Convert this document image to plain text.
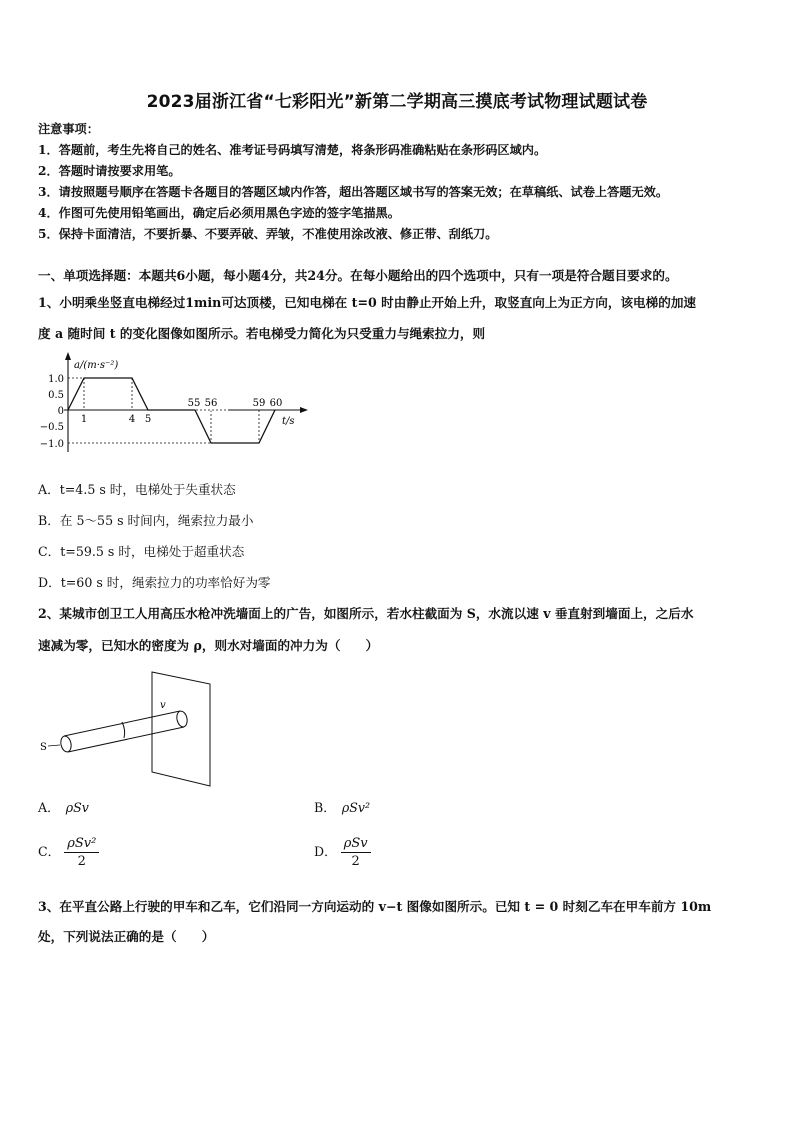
2023届浙江省“七彩阳光”新第二学期高三摸底考试物理试题试卷
注意事项：
1．答题前，考生先将自己的姓名、准考证号码填写清楚，将条形码准确粘贴在条形码区域内。
2．答题时请按要求用笔。
3．请按照题号顺序在答题卡各题目的答题区域内作答，超出答题区域书写的答案无效；在草稿纸、试卷上答题无效。
4．作图可先使用铅笔画出，确定后必须用黑色字迹的签字笔描黑。
5．保持卡面清洁，不要折暴、不要弄破、弄皱，不准使用涂改液、修正带、刮纸刀。
一、单项选择题：本题共6小题，每小题4分，共24分。在每小题给出的四个选项中，只有一项是符合题目要求的。
1、小明乘坐竖直电梯经过1min可达顶楼，已知电梯在 t=0 时由静止开始上升，取竖直向上为正方向，该电梯的加速
度 a 随时间 t 的变化图像如图所示。若电梯受力简化为只受重力与绳索拉力，则
a/(m·s⁻²)
t/s
1.0
0.5
0
−0.5
−1.0
1	4 5
55 56	59 60
A．t=4.5 s 时，电梯处于失重状态
B．在 5～55 s 时间内，绳索拉力最小
C．t=59.5 s 时，电梯处于超重状态
D．t=60 s 时，绳索拉力的功率恰好为零
2、某城市创卫工人用高压水枪冲洗墙面上的广告，如图所示，若水柱截面为 S，水流以速 v 垂直射到墙面上，之后水
速减为零，已知水的密度为 ρ，则水对墙面的冲力为（　　）
S
v
A． ρSv	B． ρSv²
C． $\frac{\text{ρSv²}}{2}$	D． $\frac{\text{ρSv}}{2}$
3、在平直公路上行驶的甲车和乙车，它们沿同一方向运动的 v−t 图像如图所示。已知 t = 0 时刻乙车在甲车前方 10m
处，下列说法正确的是（　　）
